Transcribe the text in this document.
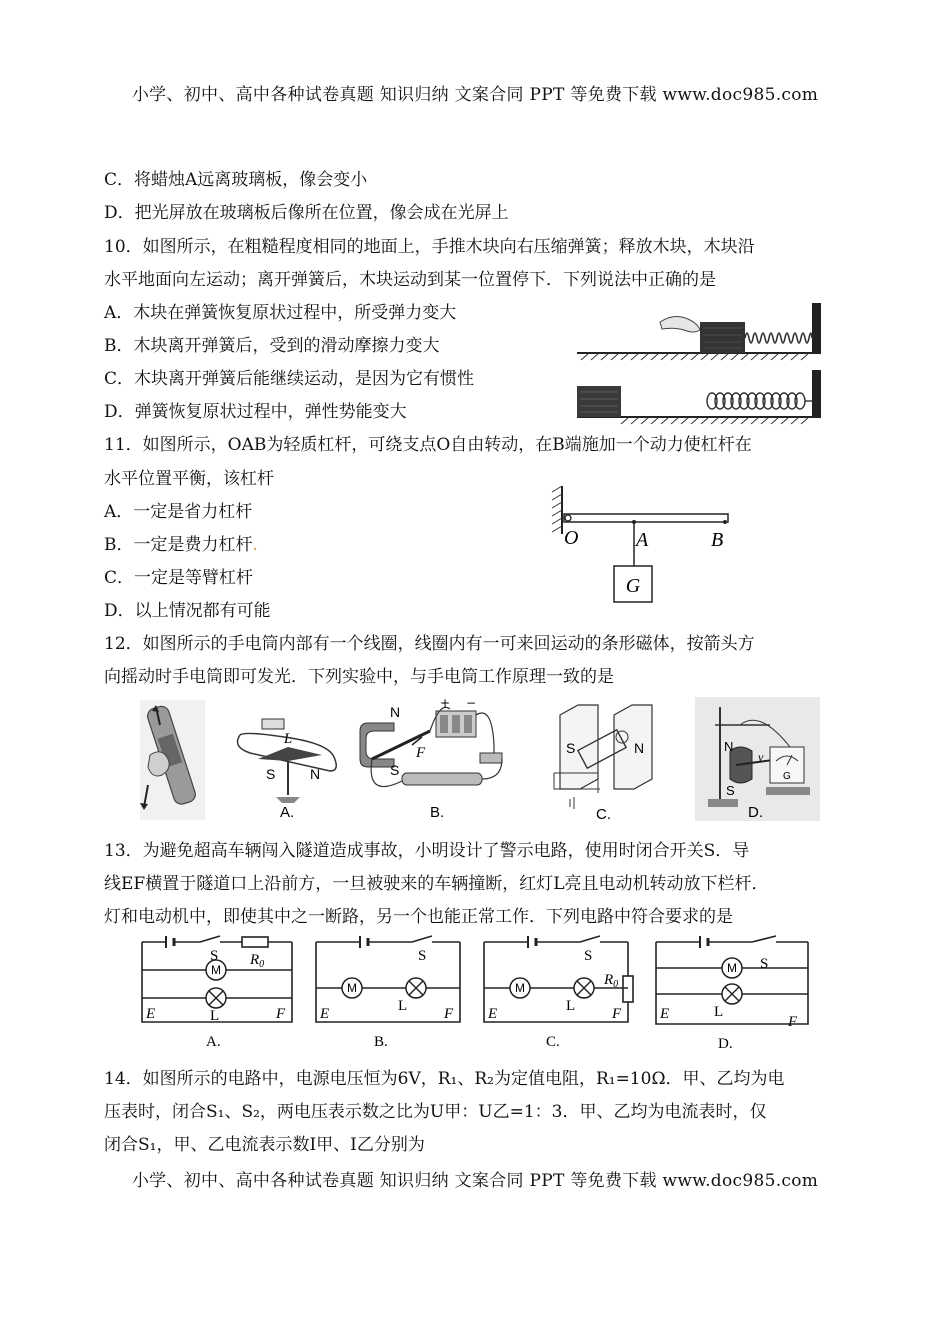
小学、初中、高中各种试卷真题 知识归纳 文案合同 PPT 等免费下载 www.doc985.com
C．将蜡烛A远离玻璃板，像会变小
D．把光屏放在玻璃板后像所在位置，像会成在光屏上
10．如图所示，在粗糙程度相同的地面上，手推木块向右压缩弹簧；释放木块，木块沿
水平地面向左运动；离开弹簧后，木块运动到某一位置停下．下列说法中正确的是
A．木块在弹簧恢复原状过程中，所受弹力变大
B．木块离开弹簧后，受到的滑动摩擦力变大
C．木块离开弹簧后能继续运动，是因为它有惯性
D．弹簧恢复原状过程中，弹性势能变大
11．如图所示，OAB为轻质杠杆，可绕支点O自由转动，在B端施加一个动力使杠杆在
水平位置平衡，该杠杆
A．一定是省力杠杆
B．一定是费力杠杆.
C．一定是等臂杠杆
D．以上情况都有可能
G
O	A	B
12．如图所示的手电筒内部有一个线圈，线圈内有一可来回运动的条形磁体，按箭头方
向摇动时手电筒即可发光．下列实验中，与手电筒工作原理一致的是
L
S N
A.
N
S
F
+ −
B.
S	N
C.
G
N
S
v
D.
13．为避免超高车辆闯入隧道造成事故，小明设计了警示电路，使用时闭合开关S．导
线EF横置于隧道口上沿前方，一旦被驶来的车辆撞断，红灯L亮且电动机转动放下栏杆．
灯和电动机中，即使其中之一断路，另一个也能正常工作．下列电路中符合要求的是
M
M	M
M
S $R_0$
L
E	F
A.
S
L
E	F
B.
S
$R_0$
L
E	F
C.
S
L
E	F
D.
14．如图所示的电路中，电源电压恒为6V，R₁、R₂为定值电阻，R₁=10Ω．甲、乙均为电
压表时，闭合S₁、S₂，两电压表示数之比为U甲：U乙=1：3．甲、乙均为电流表时，仅
闭合S₁，甲、乙电流表示数I甲、I乙分别为
小学、初中、高中各种试卷真题 知识归纳 文案合同 PPT 等免费下载 www.doc985.com
